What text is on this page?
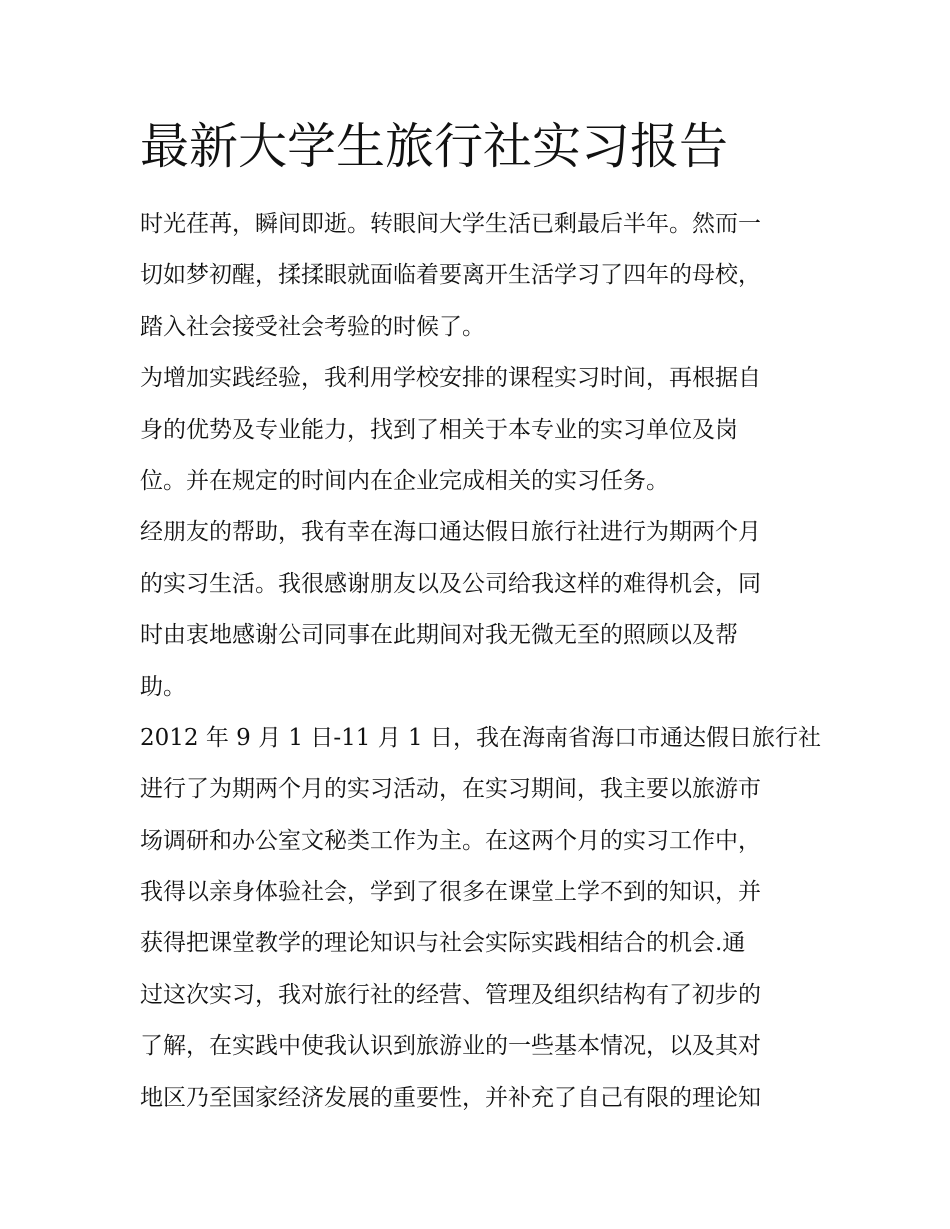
最新大学生旅行社实习报告
时光荏苒，瞬间即逝。转眼间大学生活已剩最后半年。然而一
切如梦初醒，揉揉眼就面临着要离开生活学习了四年的母校，
踏入社会接受社会考验的时候了。
为增加实践经验，我利用学校安排的课程实习时间，再根据自
身的优势及专业能力，找到了相关于本专业的实习单位及岗
位。并在规定的时间内在企业完成相关的实习任务。
经朋友的帮助，我有幸在海口通达假日旅行社进行为期两个月
的实习生活。我很感谢朋友以及公司给我这样的难得机会，同
时由衷地感谢公司同事在此期间对我无微无至的照顾以及帮
助。
2012 年 9 月 1 日-11 月 1 日，我在海南省海口市通达假日旅行社
进行了为期两个月的实习活动，在实习期间，我主要以旅游市
场调研和办公室文秘类工作为主。在这两个月的实习工作中，
我得以亲身体验社会，学到了很多在课堂上学不到的知识，并
获得把课堂教学的理论知识与社会实际实践相结合的机会.通
过这次实习，我对旅行社的经营、管理及组织结构有了初步的
了解，在实践中使我认识到旅游业的一些基本情况，以及其对
地区乃至国家经济发展的重要性，并补充了自己有限的理论知
